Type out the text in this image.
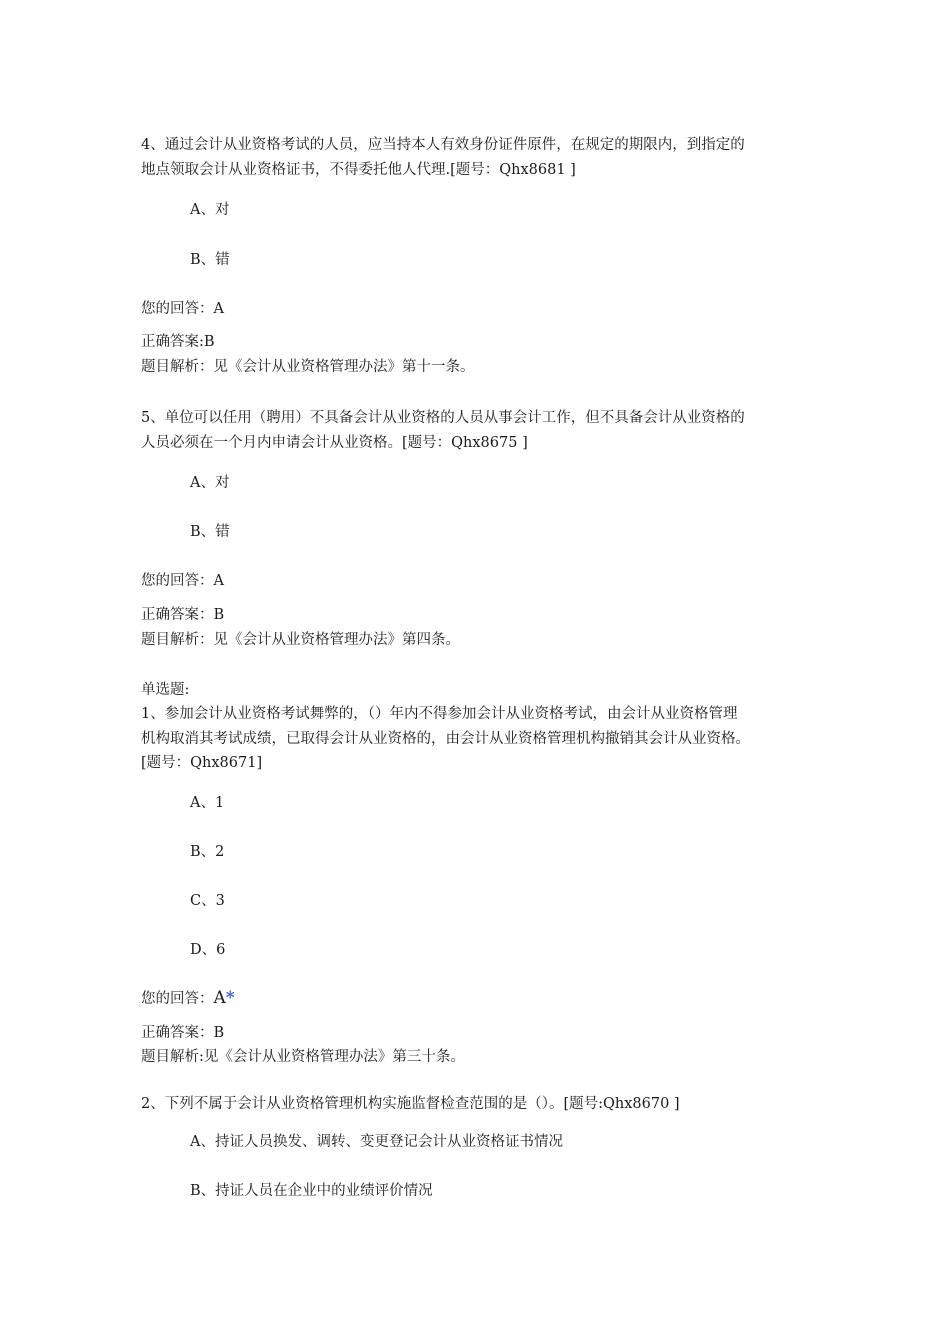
4、通过会计从业资格考试的人员，应当持本人有效身份证件原件，在规定的期限内，到指定的
地点领取会计从业资格证书，不得委托他人代理.[题号：Qhx8681 ]
A、对
B、错
您的回答：A
正确答案:B
题目解析：见《会计从业资格管理办法》第十一条。
5、单位可以任用（聘用）不具备会计从业资格的人员从事会计工作，但不具备会计从业资格的
人员必须在一个月内申请会计从业资格。[题号：Qhx8675 ]
A、对
B、错
您的回答：A
正确答案：B
题目解析：见《会计从业资格管理办法》第四条。
单选题:
1、参加会计从业资格考试舞弊的，（）年内不得参加会计从业资格考试，由会计从业资格管理
机构取消其考试成绩，已取得会计从业资格的，由会计从业资格管理机构撤销其会计从业资格。
[题号：Qhx8671]
A、1
B、2
C、3
D、6
您的回答：A*
正确答案：B
题目解析:见《会计从业资格管理办法》第三十条。
2、下列不属于会计从业资格管理机构实施监督检查范围的是（）。[题号:Qhx8670 ]
A、持证人员换发、调转、变更登记会计从业资格证书情况
B、持证人员在企业中的业绩评价情况
